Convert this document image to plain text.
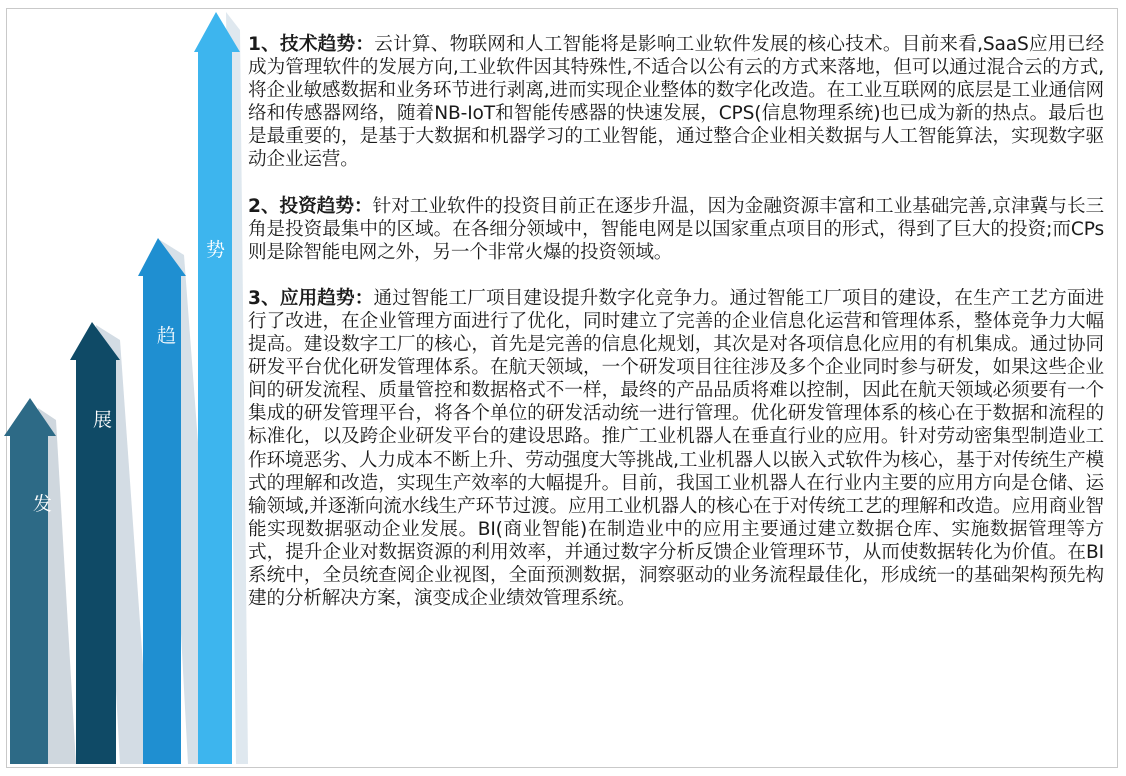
发
展
趋
势

1、技术趋势：云计算、物联网和人工智能将是影响工业软件发展的核心技术。目前来看,SaaS应用已经成为管理软件的发展方向,工业软件因其特殊性,不适合以公有云的方式来落地，但可以通过混合云的方式,将企业敏感数据和业务环节进行剥离,进而实现企业整体的数字化改造。在工业互联网的底层是工业通信网络和传感器网络，随着NB-IoT和智能传感器的快速发展，CPS(信息物理系统)也已成为新的热点。最后也是最重要的，是基于大数据和机器学习的工业智能，通过整合企业相关数据与人工智能算法，实现数字驱动企业运营。

2、投资趋势：针对工业软件的投资目前正在逐步升温，因为金融资源丰富和工业基础完善,京津冀与长三角是投资最集中的区域。在各细分领域中，智能电网是以国家重点项目的形式，得到了巨大的投资;而CPs则是除智能电网之外，另一个非常火爆的投资领域。

3、应用趋势：通过智能工厂项目建设提升数字化竞争力。通过智能工厂项目的建设，在生产工艺方面进行了改进，在企业管理方面进行了优化，同时建立了完善的企业信息化运营和管理体系，整体竞争力大幅提高。建设数字工厂的核心，首先是完善的信息化规划，其次是对各项信息化应用的有机集成。通过协同研发平台优化研发管理体系。在航天领域，一个研发项目往往涉及多个企业同时参与研发，如果这些企业间的研发流程、质量管控和数据格式不一样，最终的产品品质将难以控制，因此在航天领域必须要有一个集成的研发管理平台，将各个单位的研发活动统一进行管理。优化研发管理体系的核心在于数据和流程的标准化，以及跨企业研发平台的建设思路。推广工业机器人在垂直行业的应用。针对劳动密集型制造业工作环境恶劣、人力成本不断上升、劳动强度大等挑战,工业机器人以嵌入式软件为核心，基于对传统生产模式的理解和改造，实现生产效率的大幅提升。目前，我国工业机器人在行业内主要的应用方向是仓储、运输领域,并逐渐向流水线生产环节过渡。应用工业机器人的核心在于对传统工艺的理解和改造。应用商业智能实现数据驱动企业发展。BI(商业智能)在制造业中的应用主要通过建立数据仓库、实施数据管理等方式，提升企业对数据资源的利用效率，并通过数字分析反馈企业管理环节，从而使数据转化为价值。在BI系统中，全员统查阅企业视图，全面预测数据，洞察驱动的业务流程最佳化，形成统一的基础架构预先构建的分析解决方案，演变成企业绩效管理系统。
